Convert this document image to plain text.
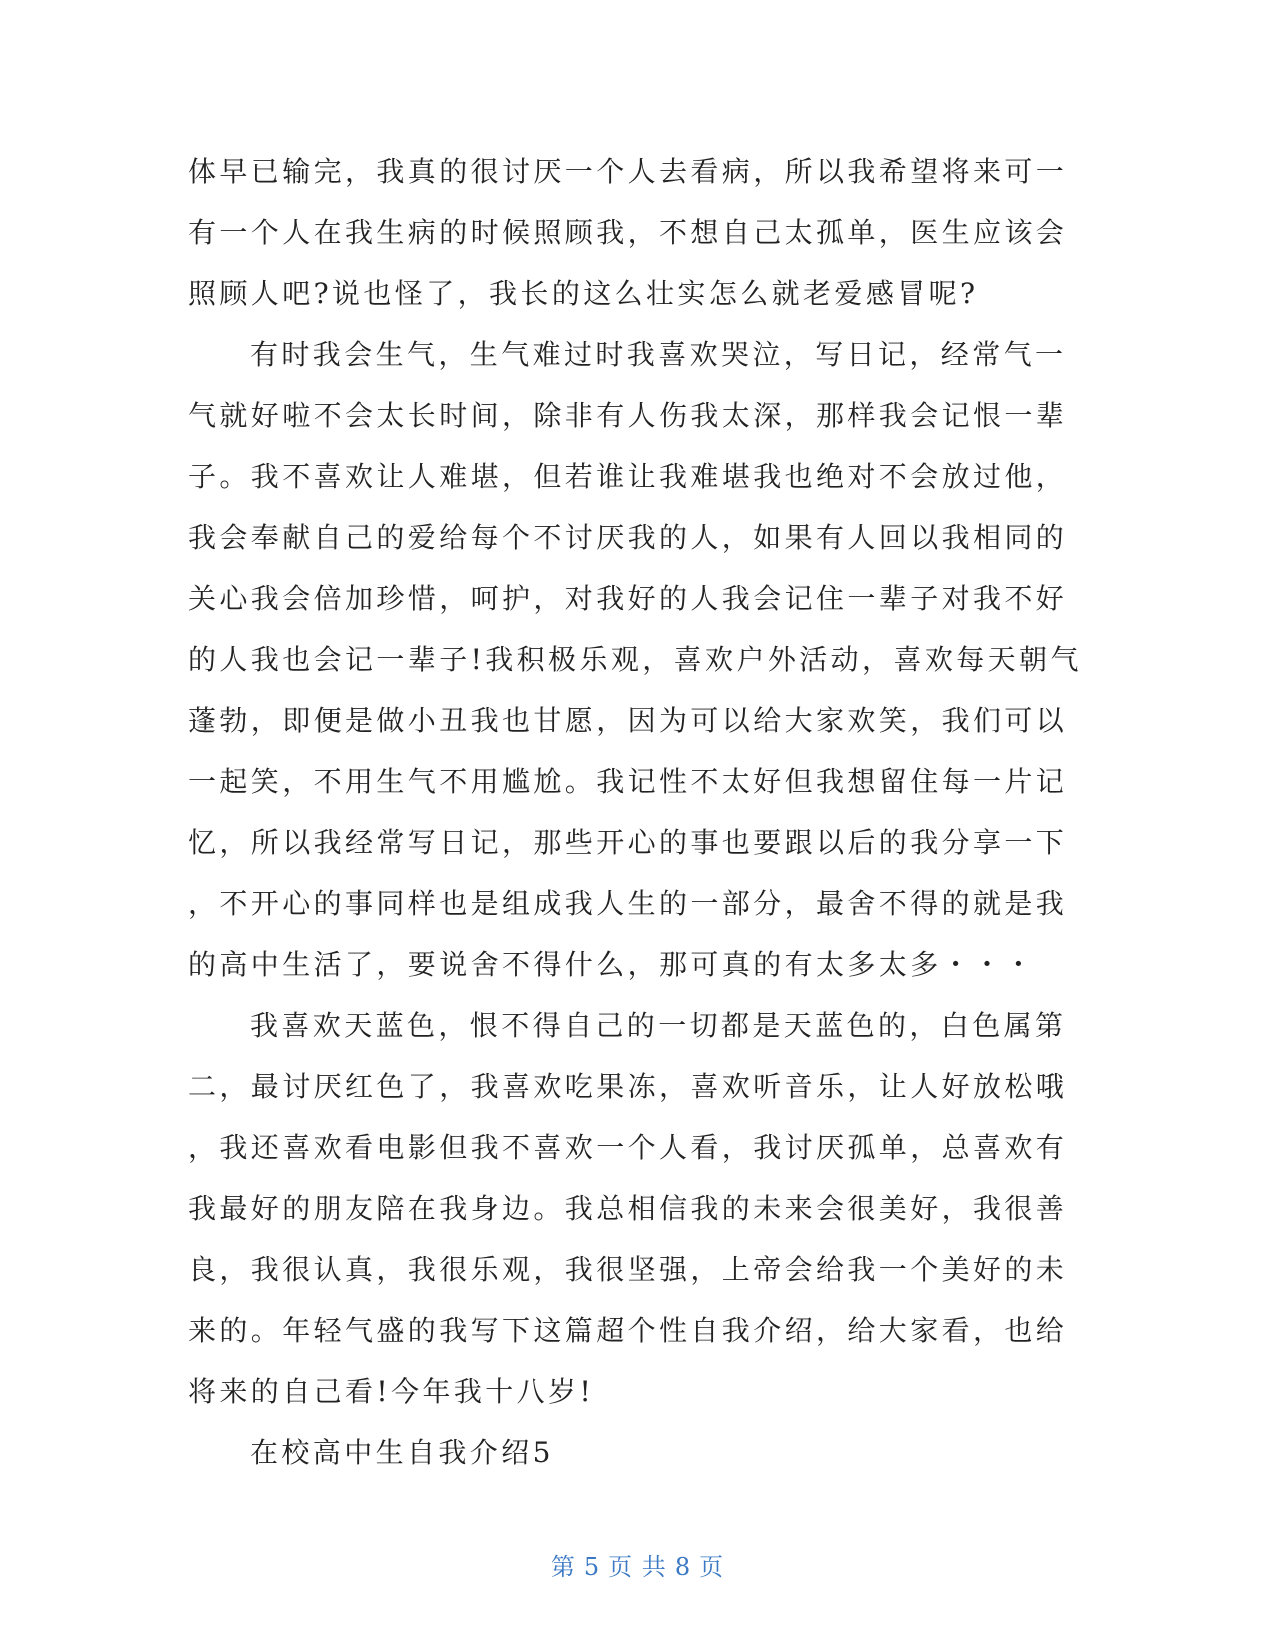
体早已输完，我真的很讨厌一个人去看病，所以我希望将来可一
有一个人在我生病的时候照顾我，不想自己太孤单，医生应该会
照顾人吧?说也怪了，我长的这么壮实怎么就老爱感冒呢?
有时我会生气，生气难过时我喜欢哭泣，写日记，经常气一
气就好啦不会太长时间，除非有人伤我太深，那样我会记恨一辈
子。我不喜欢让人难堪，但若谁让我难堪我也绝对不会放过他，
我会奉献自己的爱给每个不讨厌我的人，如果有人回以我相同的
关心我会倍加珍惜，呵护，对我好的人我会记住一辈子对我不好
的人我也会记一辈子!我积极乐观，喜欢户外活动，喜欢每天朝气
蓬勃，即便是做小丑我也甘愿，因为可以给大家欢笑，我们可以
一起笑，不用生气不用尴尬。我记性不太好但我想留住每一片记
忆，所以我经常写日记，那些开心的事也要跟以后的我分享一下
，不开心的事同样也是组成我人生的一部分，最舍不得的就是我
的高中生活了，要说舍不得什么，那可真的有太多太多・・・
我喜欢天蓝色，恨不得自己的一切都是天蓝色的，白色属第
二，最讨厌红色了，我喜欢吃果冻，喜欢听音乐，让人好放松哦
，我还喜欢看电影但我不喜欢一个人看，我讨厌孤单，总喜欢有
我最好的朋友陪在我身边。我总相信我的未来会很美好，我很善
良，我很认真，我很乐观，我很坚强，上帝会给我一个美好的未
来的。年轻气盛的我写下这篇超个性自我介绍，给大家看，也给
将来的自己看!今年我十八岁!
在校高中生自我介绍5
第 5 页 共 8 页
